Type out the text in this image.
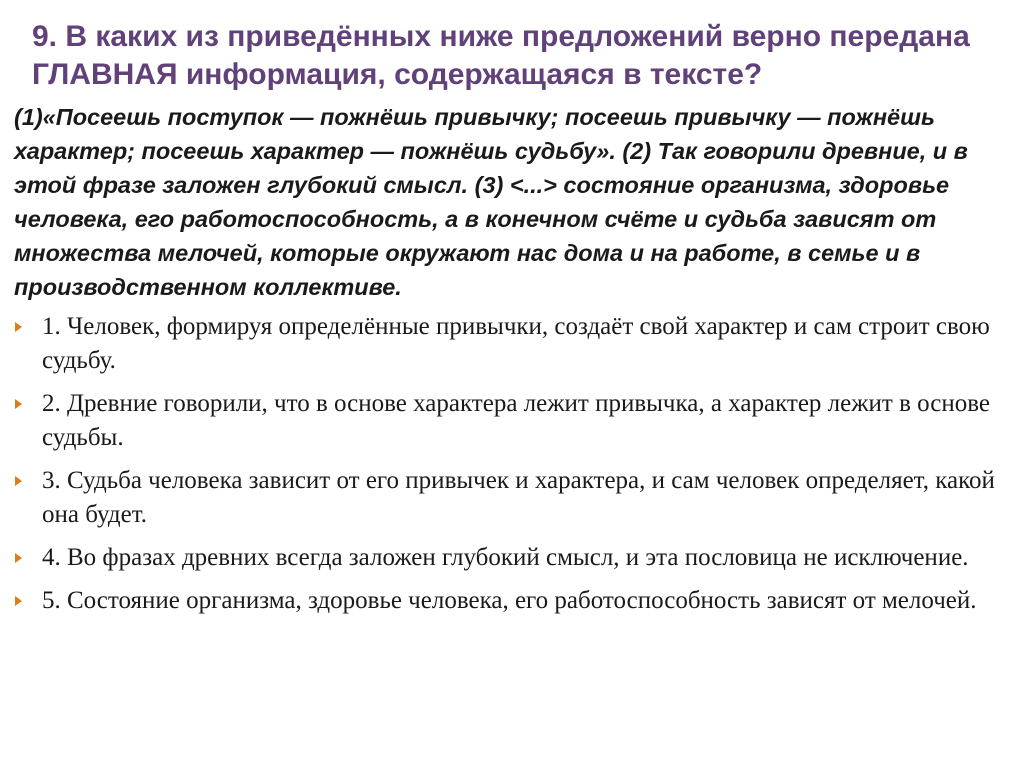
9. В каких из приведённых ниже предложений верно передана ГЛАВНАЯ информация, содержащаяся в тексте?

(1)«Посеешь поступок — пожнёшь привычку; посеешь привычку — пожнёшь характер; посеешь характер — пожнёшь судьбу». (2) Так говорили древние, и в этой фразе заложен глубокий смысл. (3) <...> состояние организма, здоровье человека, его работоспособность, а в конечном счёте и судьба зависят от множества мелочей, которые окружают нас дома и на работе, в семье и в производственном коллективе.

1. Человек, формируя определённые привычки, создаёт свой характер и сам строит свою судьбу.
2. Древние говорили, что в основе характера лежит привычка, а характер лежит в основе судьбы.
3. Судьба человека зависит от его привычек и характера, и сам человек определяет, какой она будет.
4. Во фразах древних всегда заложен глубокий смысл, и эта пословица не исключение.
5. Состояние организма, здоровье человека, его работоспособность зависят от мелочей.
